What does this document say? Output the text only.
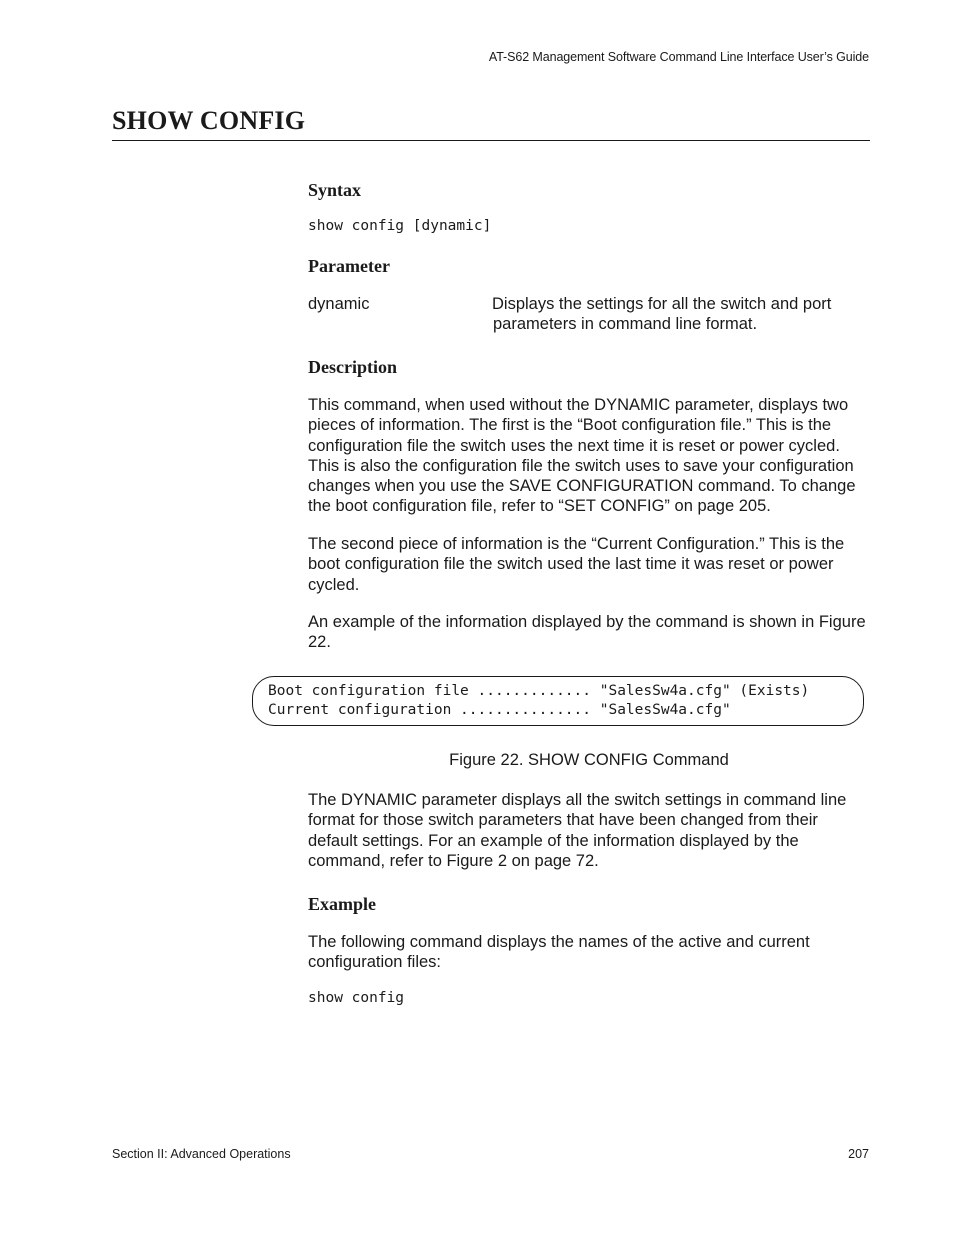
AT-S62 Management Software Command Line Interface User’s Guide
SHOW CONFIG
Syntax
show config [dynamic]
Parameter
dynamic	Displays the settings for all the switch and port
parameters in command line format.
Description

This command, when used without the DYNAMIC parameter, displays two pieces of information. The first is the “Boot configuration file.” This is the configuration file the switch uses the next time it is reset or power cycled. This is also the configuration file the switch uses to save your configuration changes when you use the SAVE CONFIGURATION command. To change the boot configuration file, refer to “SET CONFIG” on page 205.

The second piece of information is the “Current Configuration.” This is the boot configuration file the switch used the last time it was reset or power cycled.

An example of the information displayed by the command is shown in Figure 22.

Boot configuration file ............. "SalesSw4a.cfg" (Exists)
Current configuration ............... "SalesSw4a.cfg"
Figure 22. SHOW CONFIG Command

The DYNAMIC parameter displays all the switch settings in command line format for those switch parameters that have been changed from their default settings. For an example of the information displayed by the command, refer to Figure 2 on page 72.

Example

The following command displays the names of the active and current configuration files:

show config
Section II: Advanced Operations	207
